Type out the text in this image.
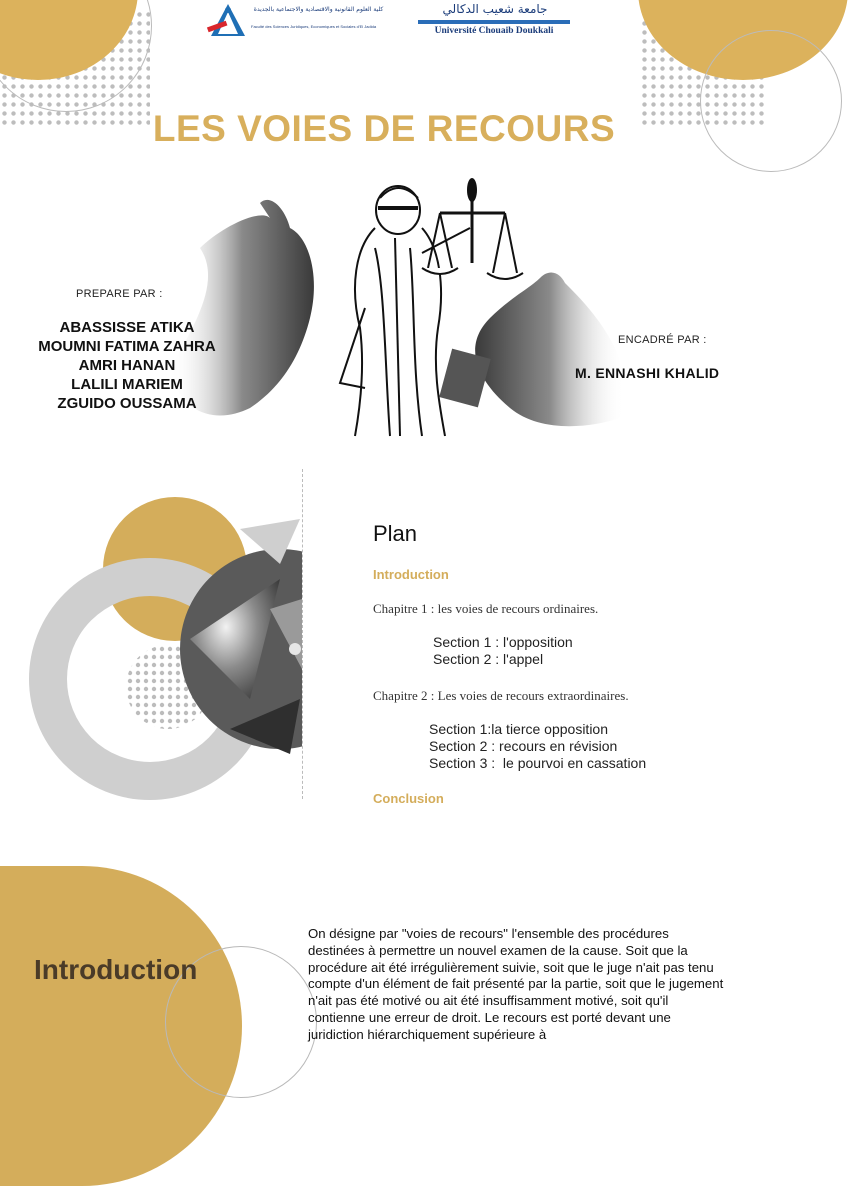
كلية العلوم القانونية والاقتصادية والاجتماعية بالجديدة
Faculté des Sciences Juridiques, Economiques et Sociales d'El Jadida
جامعة شعيب الدكالي
Université Chouaib Doukkali
LES VOIES DE RECOURS
PREPARE PAR :
ABASSISSE ATIKA
MOUMNI FATIMA ZAHRA
AMRI HANAN
LALILI MARIEM
ZGUIDO OUSSAMA
ENCADRÉ PAR :
M. ENNASHI KHALID
Plan
Introduction
Chapitre 1 : les voies de recours ordinaires.
Section 1 : l'opposition
Section 2 : l'appel
Chapitre 2 : Les voies de recours extraordinaires.
Section 1:la tierce opposition
Section 2 : recours en révision
Section 3 :  le pourvoi en cassation
Conclusion
Introduction
On désigne par "voies de recours" l'ensemble des procédures destinées à permettre un nouvel examen de la cause. Soit que la procédure ait été irrégulièrement suivie, soit que le juge n'ait pas tenu compte d'un élément de fait présenté par la partie, soit que le jugement n'ait pas été motivé ou ait été insuffisamment motivé, soit qu'il contienne une erreur de droit. Le recours est porté devant une juridiction hiérarchiquement supérieure à
